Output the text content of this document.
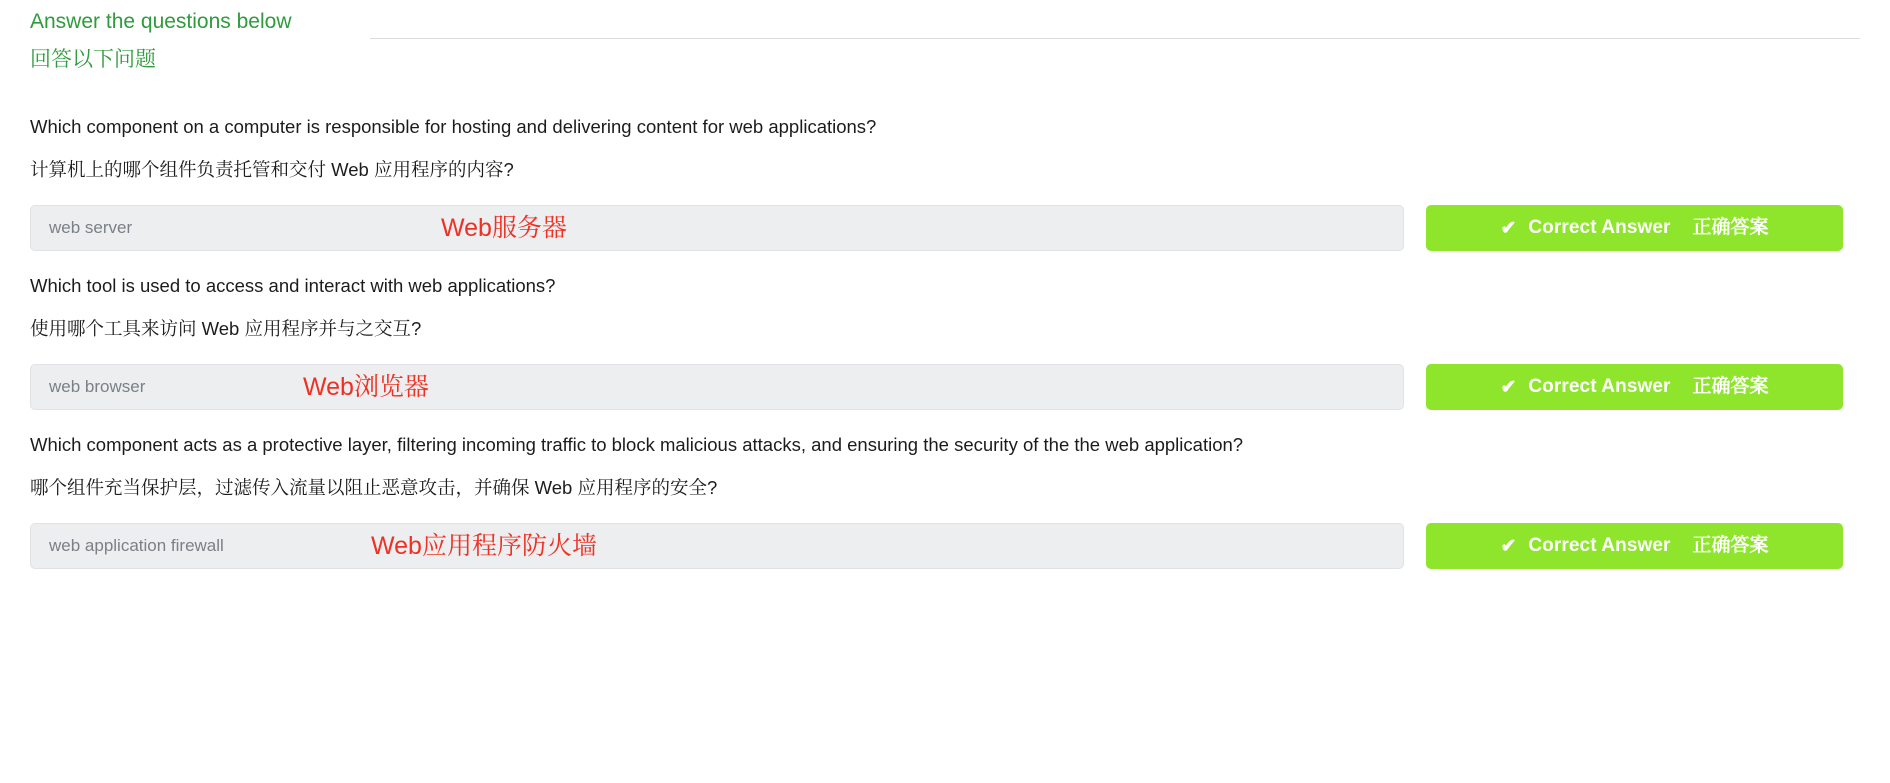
Answer the questions below

回答以下问题

Which component on a computer is responsible for hosting and delivering content for web applications?

计算机上的哪个组件负责托管和交付 Web 应用程序的内容?

web server	Web服务器	✔ Correct Answer 正确答案

Which tool is used to access and interact with web applications?

使用哪个工具来访问 Web 应用程序并与之交互?

web browser	Web浏览器	✔ Correct Answer 正确答案

Which component acts as a protective layer, filtering incoming traffic to block malicious attacks, and ensuring the security of the the web application?

哪个组件充当保护层，过滤传入流量以阻止恶意攻击，并确保 Web 应用程序的安全?

web application firewall	Web应用程序防火墙	✔ Correct Answer 正确答案
